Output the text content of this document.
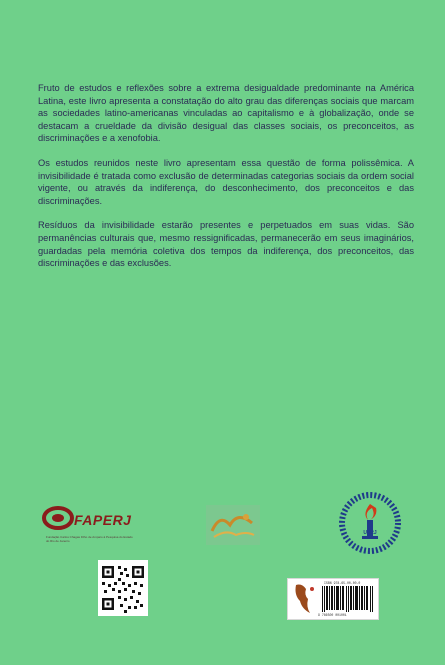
Fruto de estudos e reflexões sobre a extrema desigualdade predominante na América Latina, este livro apresenta a constatação do alto grau das diferenças sociais que marcam as sociedades latino-americanas vinculadas ao capitalismo e à globalização, onde se destacam a crueldade da divisão desigual das classes sociais, os preconceitos, as discriminações e a xenofobia.

Os estudos reunidos neste livro apresentam essa questão de forma polissêmica. A invisibilidade é tratada como exclusão de determinadas categorias sociais da ordem social vigente, ou através da indiferença, do desconhecimento, dos preconceitos e das discriminações.

Resíduos da invisibilidade estarão presentes e perpetuados em suas vidas. São permanências culturais que, mesmo ressignificadas, permanecerão em seus imaginários, guardadas pela memória coletiva dos tempos da indiferença, dos preconceitos, das discriminações e das exclusões.

FAPERJ
Fundação Carlos Chagas Filho de Amparo à Pesquisa do Estado do Rio de Janeiro
UERJ
ISBN 978-65-00-00-0
9 786500 001001
